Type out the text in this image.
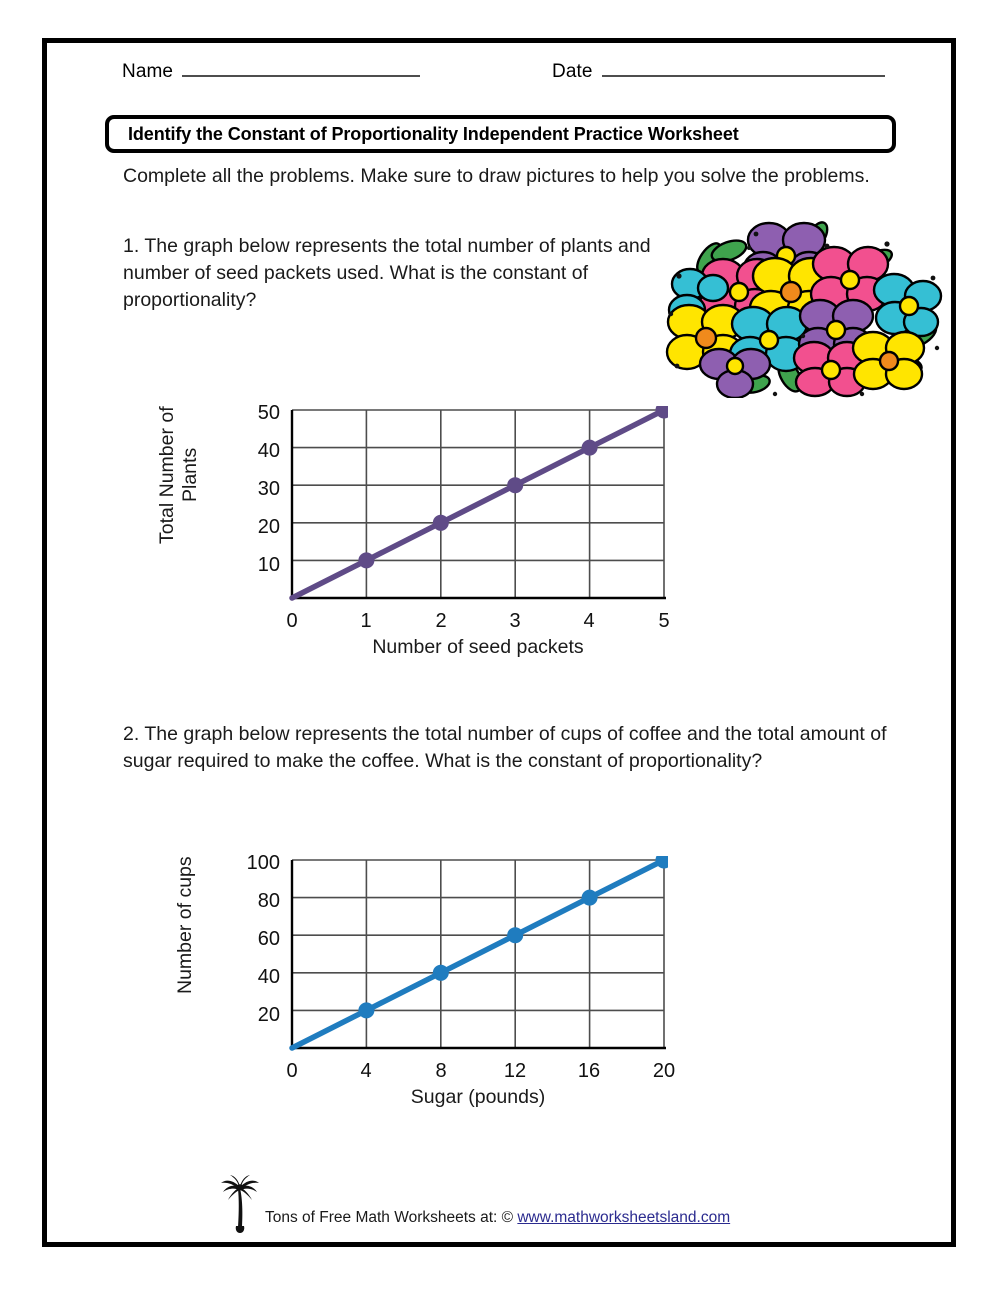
Name	Date
Identify the Constant of Proportionality Independent Practice Worksheet
Complete all the problems. Make sure to draw pictures to help you solve the problems.
1. The graph below represents the total number of plants and number of seed packets used. What is the constant of proportionality?
Total Number of
Plants
50
40
30
20
10
0	1	2	3	4	5
Number of seed packets
2. The graph below represents the total number of cups of coffee and the total amount of sugar required to make the coffee. What is the constant of proportionality?
Number of cups	100
80
60
40
20
0	4	8	12	16	20
Sugar (pounds)
Tons of Free Math Worksheets at: © www.mathworksheetsland.com
